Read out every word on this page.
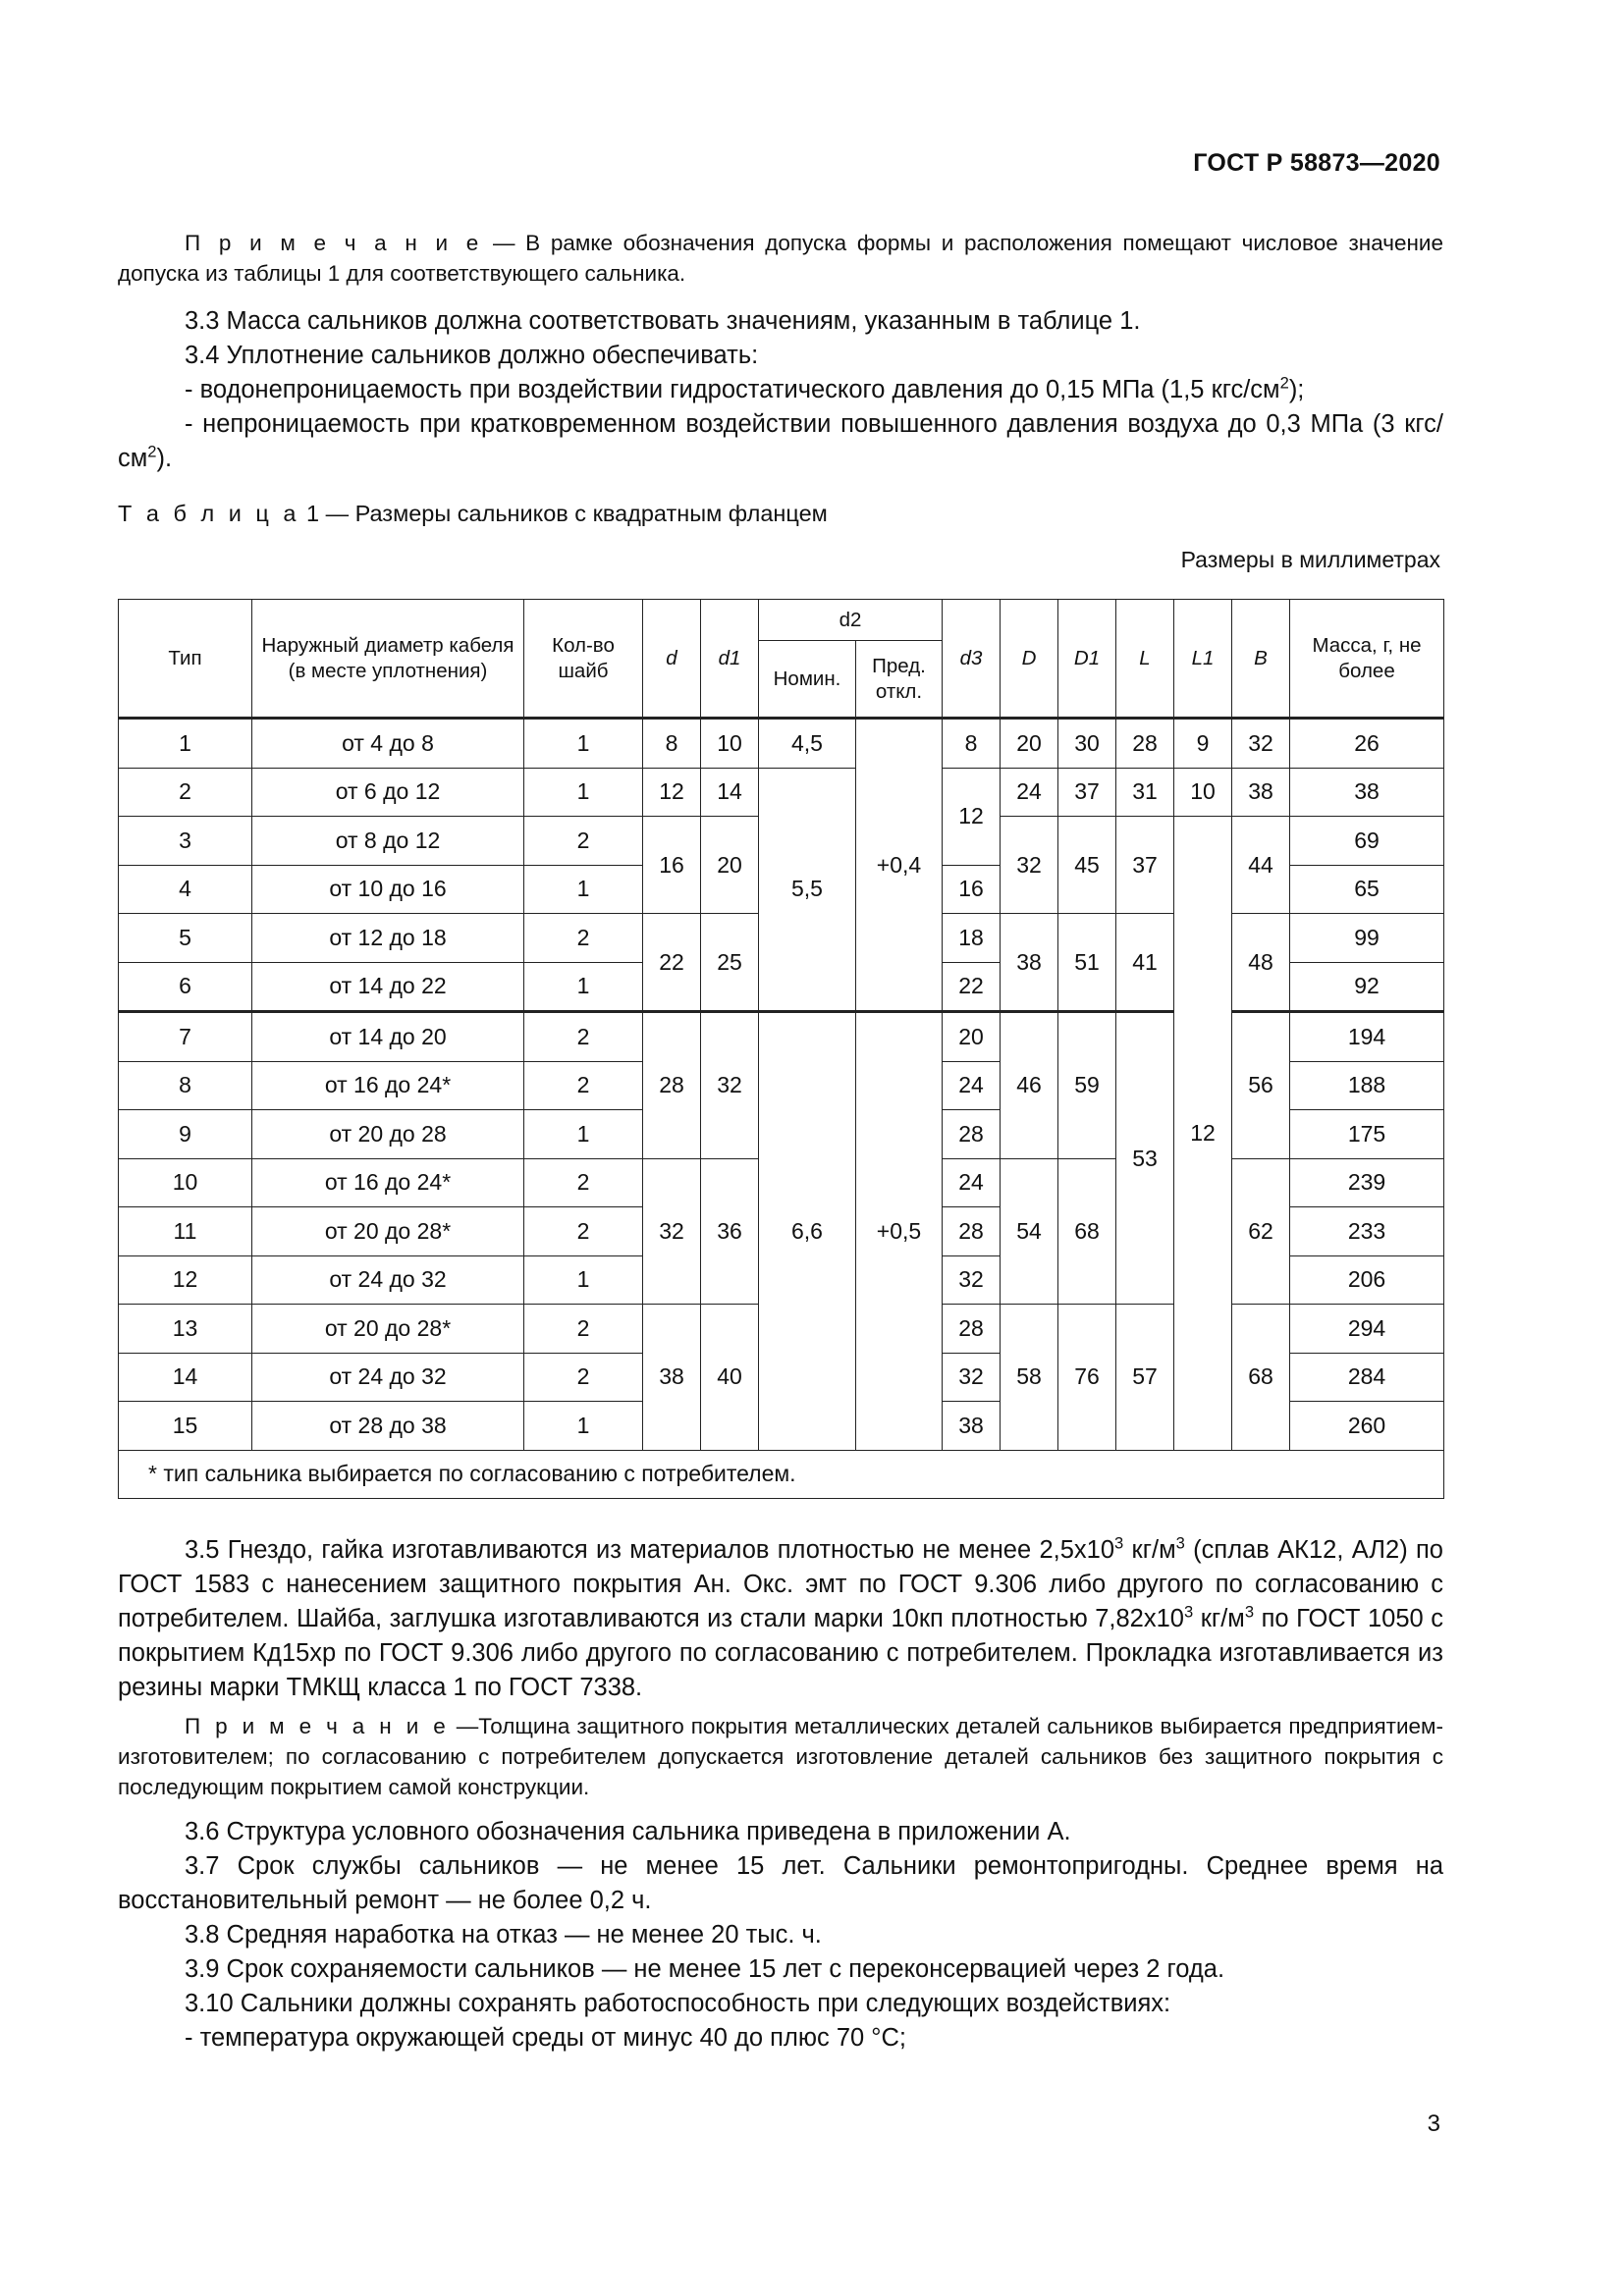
ГОСТ Р 58873—2020
П р и м е ч а н и е — В рамке обозначения допуска формы и расположения помещают числовое значение допуска из таблицы 1 для соответствующего сальника.
3.3 Масса сальников должна соответствовать значениям, указанным в таблице 1.
3.4 Уплотнение сальников должно обеспечивать:
- водонепроницаемость при воздействии гидростатического давления до 0,15 МПа (1,5 кгс/$см^2$);
- непроницаемость при кратковременном воздействии повышенного давления воздуха до 0,3 МПа (3 кгс/$см^2$).
Т а б л и ц а 1 — Размеры сальников с квадратным фланцем
Размеры в миллиметрах
Тип	Наружный диаметр кабеля (в месте уплотнения)	Кол-во шайб	d	d1	d2		d3	D	D1	L	L1	B	Масса, г, не более
					Номин.	Пред. откл.							
1	от 4 до 8	1	8	10	4,5	+0,4	8	20	30	28	9	32	26
2	от 6 до 12	1	12	14	5,5		12	24	37	31	10	38	38
3	от 8 до 12	2	16	20				32	45	37	12	44	69
4	от 10 до 16	1					16						65
5	от 12 до 18	2	22	25			18	38	51	41		48	99
6	от 14 до 22	1					22						92
7	от 14 до 20	2	28	32	6,6	+0,5	20	46	59	53		56	194
8	от 16 до 24*	2					24						188
9	от 20 до 28	1					28						175
10	от 16 до 24*	2	32	36			24	54	68			62	239
11	от 20 до 28*	2					28						233
12	от 24 до 32	1					32						206
13	от 20 до 28*	2	38	40			28	58	76	57		68	294
14	от 24 до 32	2					32						284
15	от 28 до 38	1					38						260
* тип сальника выбирается по согласованию с потребителем.													
3.5 Гнездо, гайка изготавливаются из материалов плотностью не менее $2,5x10^3$ $кг/м^3$ (сплав АК12, АЛ2) по ГОСТ 1583 с нанесением защитного покрытия Ан. Окс. эмт по ГОСТ 9.306 либо другого по согласованию с потребителем. Шайба, заглушка изготавливаются из стали марки 10кп плотностью $7,82x10^3$ $кг/м^3$ по ГОСТ 1050 с покрытием Кд15хр по ГОСТ 9.306 либо другого по согласованию с потребителем. Прокладка изготавливается из резины марки ТМКЩ класса 1 по ГОСТ 7338.
П р и м е ч а н и е —Толщина защитного покрытия металлических деталей сальников выбирается предприятием-изготовителем; по согласованию с потребителем допускается изготовление деталей сальников без защитного покрытия с последующим покрытием самой конструкции.
3.6 Структура условного обозначения сальника приведена в приложении А.
3.7 Срок службы сальников — не менее 15 лет. Сальники ремонтопригодны. Среднее время на восстановительный ремонт — не более 0,2 ч.
3.8 Средняя наработка на отказ — не менее 20 тыс. ч.
3.9 Срок сохраняемости сальников — не менее 15 лет с переконсервацией через 2 года.
3.10 Сальники должны сохранять работоспособность при следующих воздействиях:
- температура окружающей среды от минус 40 до плюс 70 °С;
3
